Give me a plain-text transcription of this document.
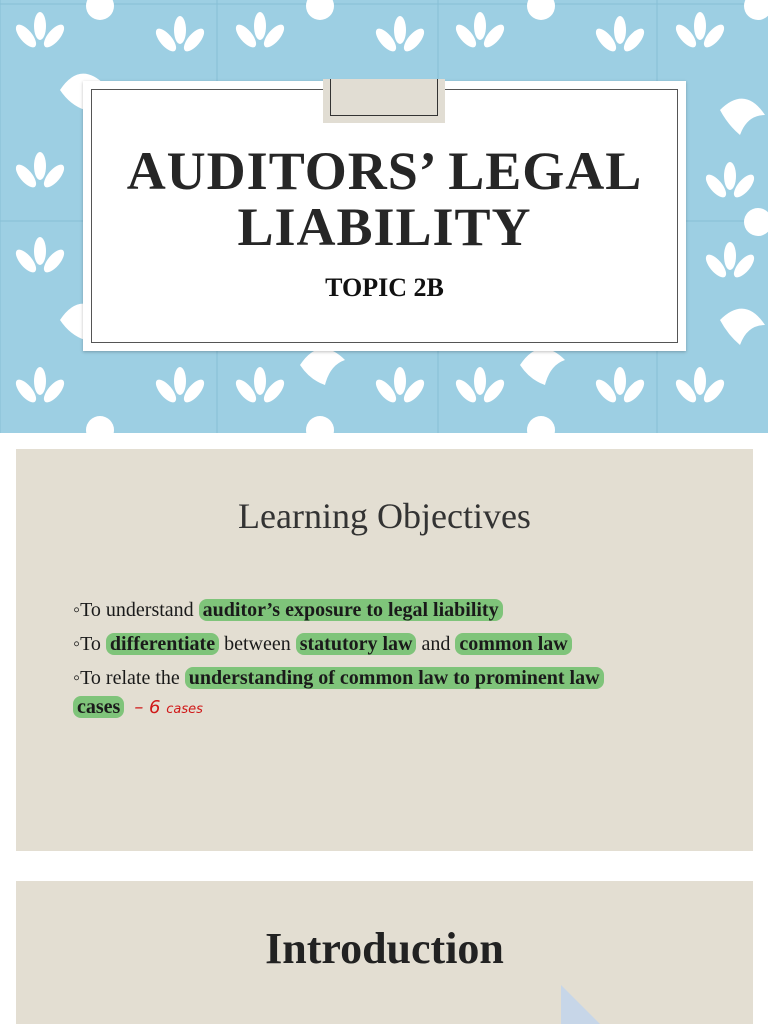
AUDITORS’ LEGAL
LIABILITY
TOPIC 2B
Learning Objectives
◦To understand auditor’s exposure to legal liability
◦To differentiate between statutory law and common law
◦To relate the understanding of common law to prominent law
cases – 6 cases
Introduction
